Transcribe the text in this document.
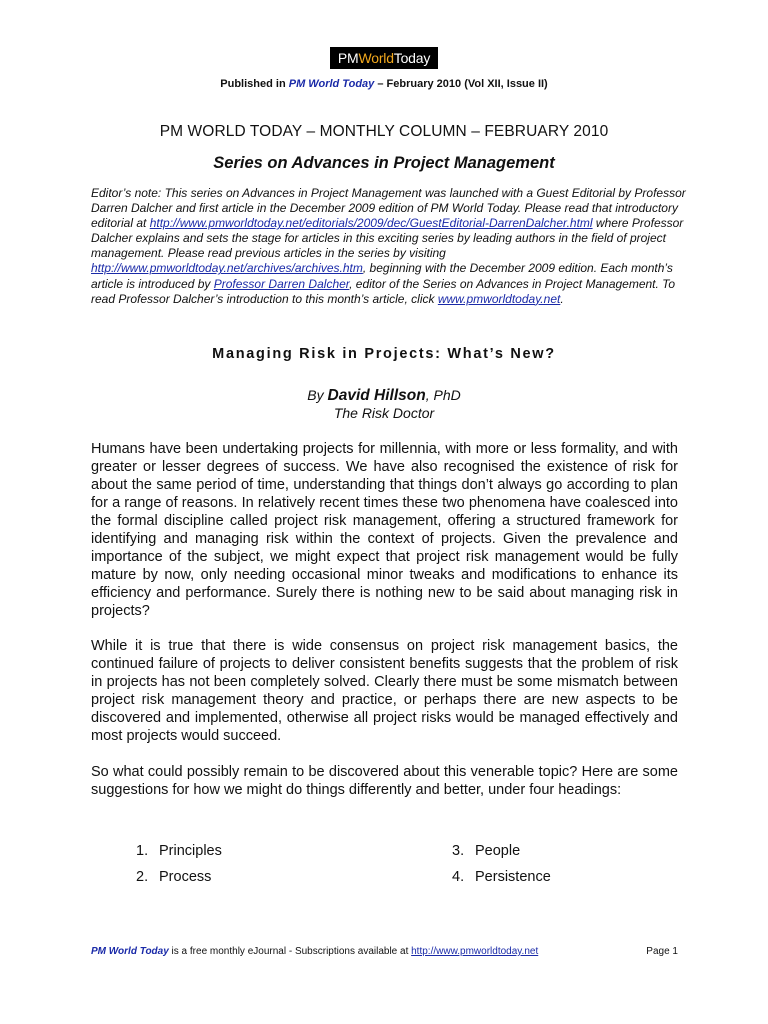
PM World Today
Published in PM World Today – February 2010 (Vol XII, Issue II)
PM WORLD TODAY – MONTHLY COLUMN – FEBRUARY 2010
Series on Advances in Project Management
Editor’s note: This series on Advances in Project Management was launched with a Guest Editorial by Professor Darren Dalcher and first article in the December 2009 edition of PM World Today. Please read that introductory editorial at http://www.pmworldtoday.net/editorials/2009/dec/GuestEditorial-DarrenDalcher.html where Professor Dalcher explains and sets the stage for articles in this exciting series by leading authors in the field of project management. Please read previous articles in the series by visiting http://www.pmworldtoday.net/archives/archives.htm, beginning with the December 2009 edition. Each month’s article is introduced by Professor Darren Dalcher, editor of the Series on Advances in Project Management. To read Professor Dalcher’s introduction to this month’s article, click www.pmworldtoday.net.
Managing Risk in Projects: What’s New?
By David Hillson, PhD
The Risk Doctor

Humans have been undertaking projects for millennia, with more or less formality, and with greater or lesser degrees of success. We have also recognised the existence of risk for about the same period of time, understanding that things don’t always go according to plan for a range of reasons. In relatively recent times these two phenomena have coalesced into the formal discipline called project risk management, offering a structured framework for identifying and managing risk within the context of projects. Given the prevalence and importance of the subject, we might expect that project risk management would be fully mature by now, only needing occasional minor tweaks and modifications to enhance its efficiency and performance. Surely there is nothing new to be said about managing risk in projects?

While it is true that there is wide consensus on project risk management basics, the continued failure of projects to deliver consistent benefits suggests that the problem of risk in projects has not been completely solved. Clearly there must be some mismatch between project risk management theory and practice, or perhaps there are new aspects to be discovered and implemented, otherwise all project risks would be managed effectively and most projects would succeed.

So what could possibly remain to be discovered about this venerable topic? Here are some suggestions for how we might do things differently and better, under four headings:

1. Principles
2. Process
3. People
4. Persistence
PM World Today is a free monthly eJournal - Subscriptions available at http://www.pmworldtoday.net	Page 1
